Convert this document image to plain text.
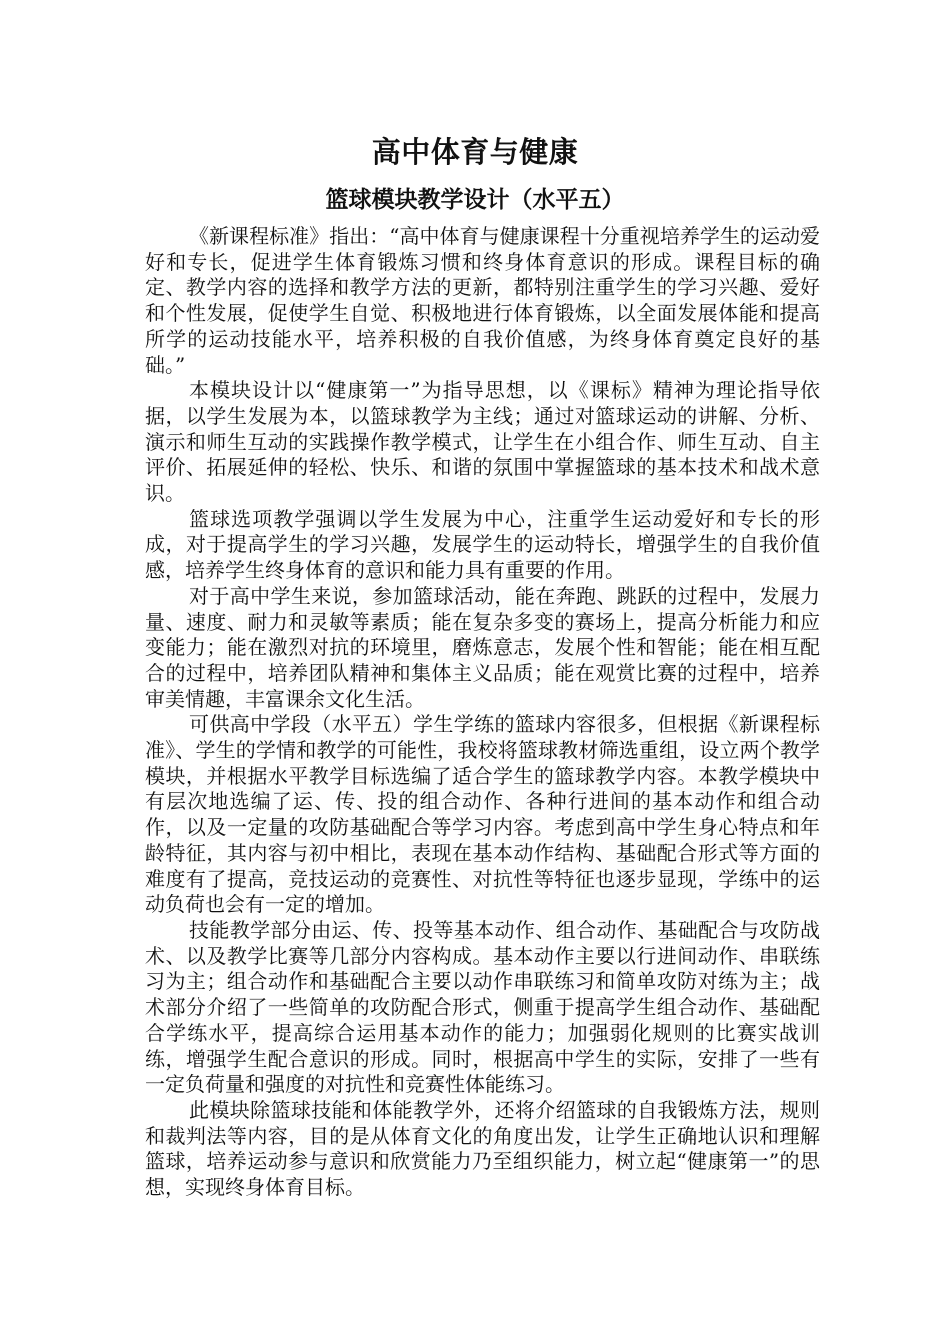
高中体育与健康
篮球模块教学设计（水平五）

《新课程标准》指出：“高中体育与健康课程十分重视培养学生的运动爱好和专长，促进学生体育锻炼习惯和终身体育意识的形成。课程目标的确定、教学内容的选择和教学方法的更新，都特别注重学生的学习兴趣、爱好和个性发展，促使学生自觉、积极地进行体育锻炼，以全面发展体能和提高所学的运动技能水平，培养积极的自我价值感，为终身体育奠定良好的基础。”

本模块设计以“健康第一”为指导思想，以《课标》精神为理论指导依据，以学生发展为本，以篮球教学为主线；通过对篮球运动的讲解、分析、演示和师生互动的实践操作教学模式，让学生在小组合作、师生互动、自主评价、拓展延伸的轻松、快乐、和谐的氛围中掌握篮球的基本技术和战术意识。

篮球选项教学强调以学生发展为中心，注重学生运动爱好和专长的形成，对于提高学生的学习兴趣，发展学生的运动特长，增强学生的自我价值感，培养学生终身体育的意识和能力具有重要的作用。

对于高中学生来说，参加篮球活动，能在奔跑、跳跃的过程中，发展力量、速度、耐力和灵敏等素质；能在复杂多变的赛场上，提高分析能力和应变能力；能在激烈对抗的环境里，磨炼意志，发展个性和智能；能在相互配合的过程中，培养团队精神和集体主义品质；能在观赏比赛的过程中，培养审美情趣，丰富课余文化生活。

可供高中学段（水平五）学生学练的篮球内容很多，但根据《新课程标准》、学生的学情和教学的可能性，我校将篮球教材筛选重组，设立两个教学模块，并根据水平教学目标选编了适合学生的篮球教学内容。本教学模块中有层次地选编了运、传、投的组合动作、各种行进间的基本动作和组合动作，以及一定量的攻防基础配合等学习内容。考虑到高中学生身心特点和年龄特征，其内容与初中相比，表现在基本动作结构、基础配合形式等方面的难度有了提高，竞技运动的竞赛性、对抗性等特征也逐步显现，学练中的运动负荷也会有一定的增加。

技能教学部分由运、传、投等基本动作、组合动作、基础配合与攻防战术、以及教学比赛等几部分内容构成。基本动作主要以行进间动作、串联练习为主；组合动作和基础配合主要以动作串联练习和简单攻防对练为主；战术部分介绍了一些简单的攻防配合形式，侧重于提高学生组合动作、基础配合学练水平，提高综合运用基本动作的能力；加强弱化规则的比赛实战训练，增强学生配合意识的形成。同时，根据高中学生的实际，安排了一些有一定负荷量和强度的对抗性和竞赛性体能练习。

此模块除篮球技能和体能教学外，还将介绍篮球的自我锻炼方法，规则和裁判法等内容，目的是从体育文化的角度出发，让学生正确地认识和理解篮球，培养运动参与意识和欣赏能力乃至组织能力，树立起“健康第一”的思想，实现终身体育目标。
